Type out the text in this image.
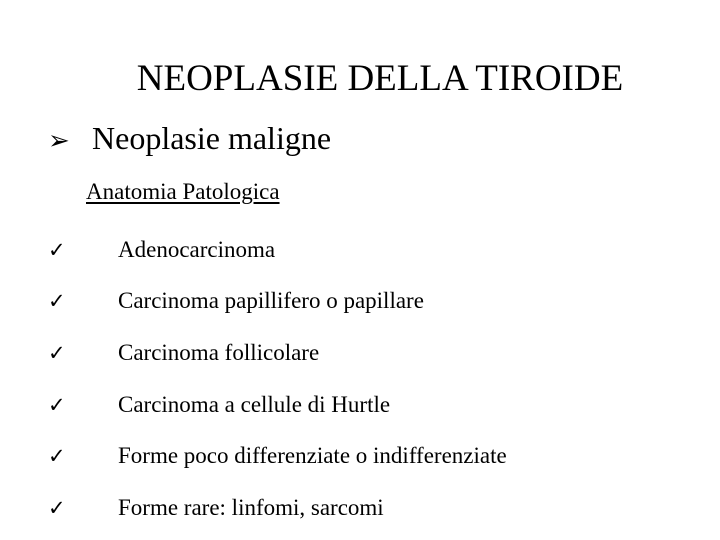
NEOPLASIE DELLA TIROIDE
➢ Neoplasie maligne
Anatomia Patologica
✓	Adenocarcinoma
✓	Carcinoma papillifero o papillare
✓	Carcinoma follicolare
✓	Carcinoma a cellule di Hurtle
✓	Forme poco differenziate o indifferenziate
✓	Forme rare: linfomi, sarcomi
